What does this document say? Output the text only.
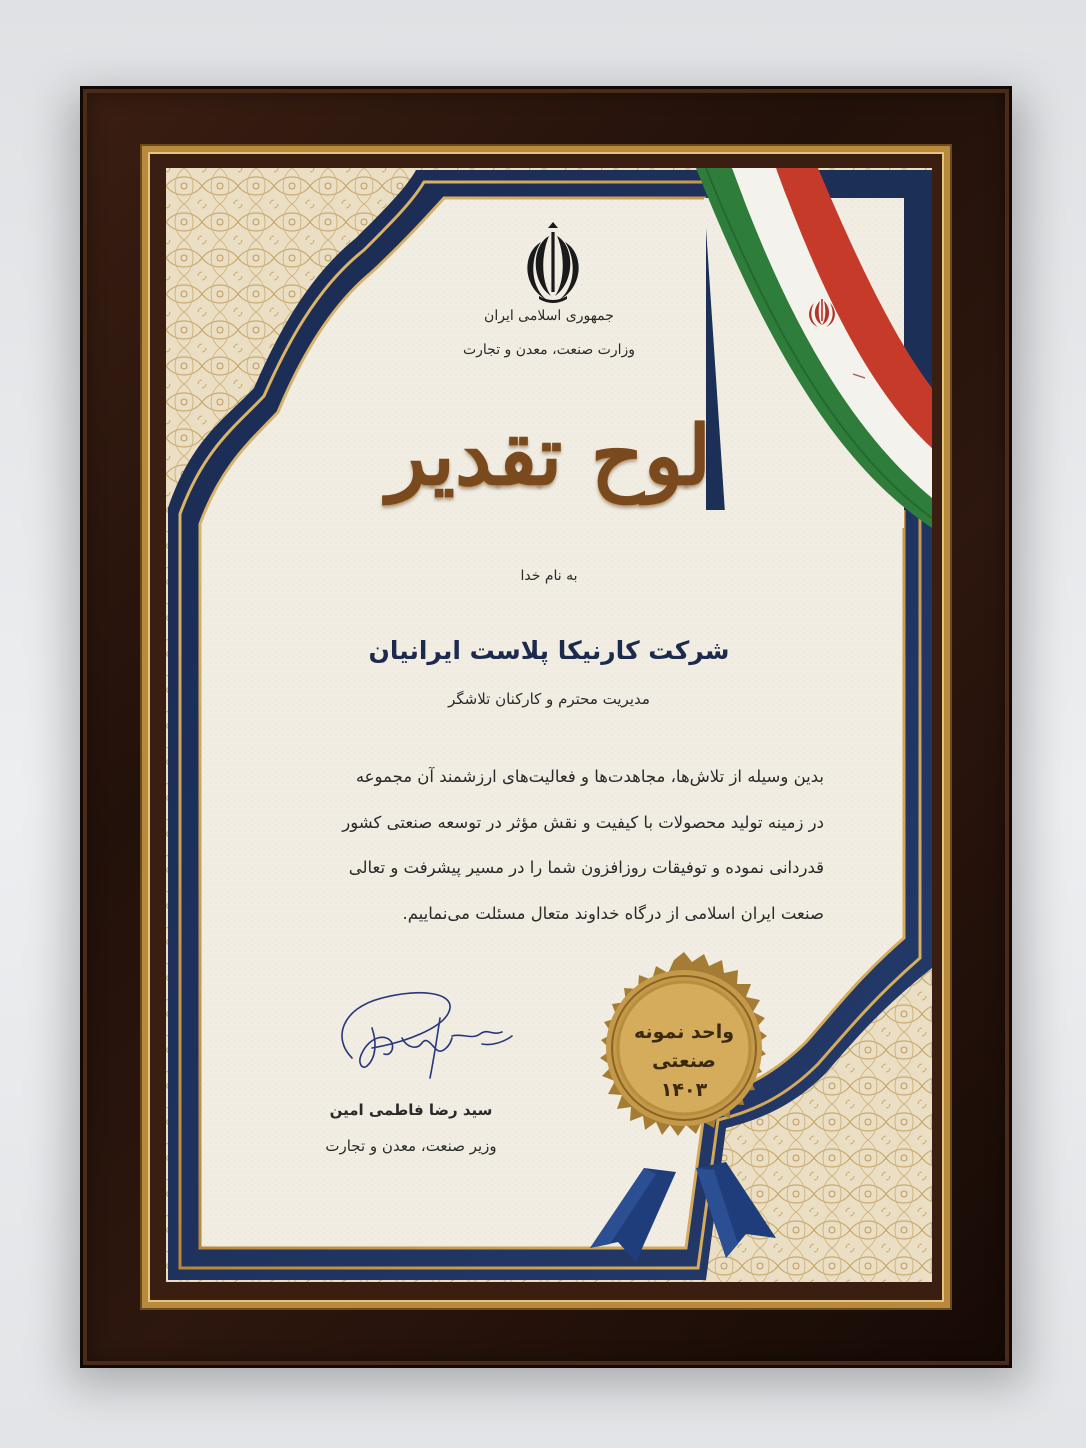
جمهوری اسلامی ایران
وزارت صنعت، معدن و تجارت
لوح تقدیر
به نام خدا
شرکت کارنیکا پلاست ایرانیان
مدیریت محترم و کارکنان تلاشگر
بدین وسیله از تلاش‌ها، مجاهدت‌ها و فعالیت‌های ارزشمند آن مجموعه
در زمینه تولید محصولات با کیفیت و نقش مؤثر در توسعه صنعتی کشور
قدردانی نموده و توفیقات روزافزون شما را در مسیر پیشرفت و تعالی
صنعت ایران اسلامی از درگاه خداوند متعال مسئلت می‌نماییم.
سید رضا فاطمی امین
وزیر صنعت، معدن و تجارت
واحد نمونه
صنعتی
۱۴۰۳
